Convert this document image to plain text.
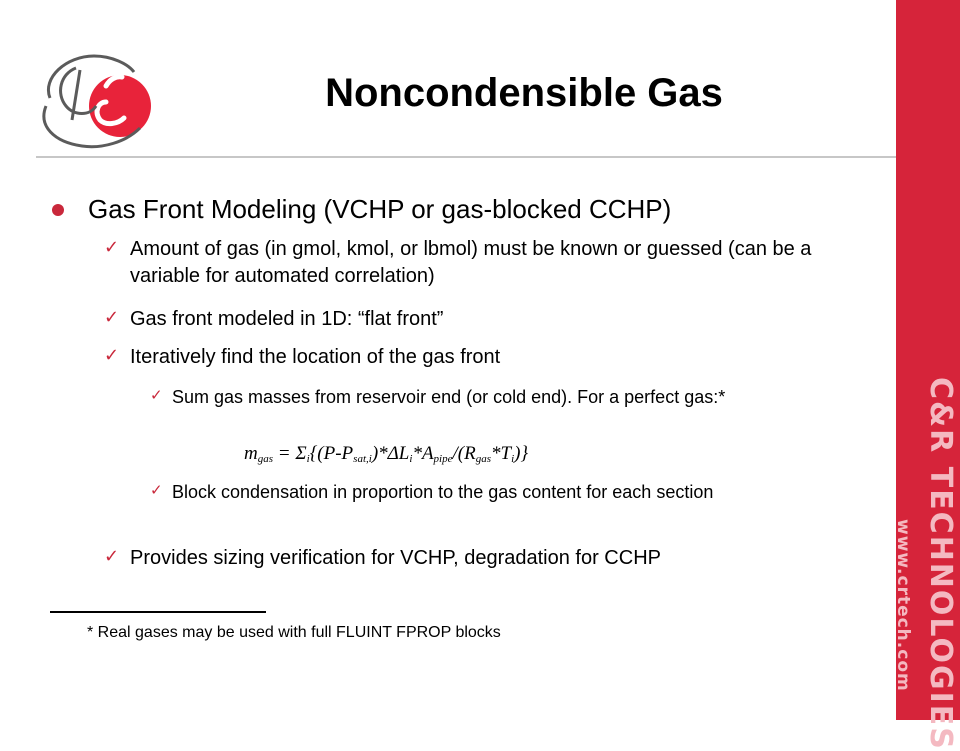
C&R TECHNOLOGIES
www.crtech.com
Noncondensible Gas
Gas Front Modeling (VCHP or gas-blocked CCHP)
✓ Amount of gas (in gmol, kmol, or lbmol) must be known or guessed (can be a variable for automated correlation)
✓ Gas front modeled in 1D: “flat front”
✓ Iteratively find the location of the gas front
✓ Sum gas masses from reservoir end (or cold end). For a perfect gas:*
$m_{gas} = \Sigma_i\{(P-P_{sat,i})*\Delta L_i*A_{pipe}/(R_{gas}*T_i)\}$
✓ Block condensation in proportion to the gas content for each section
✓ Provides sizing verification for VCHP, degradation for CCHP
* Real gases may be used with full FLUINT FPROP blocks
